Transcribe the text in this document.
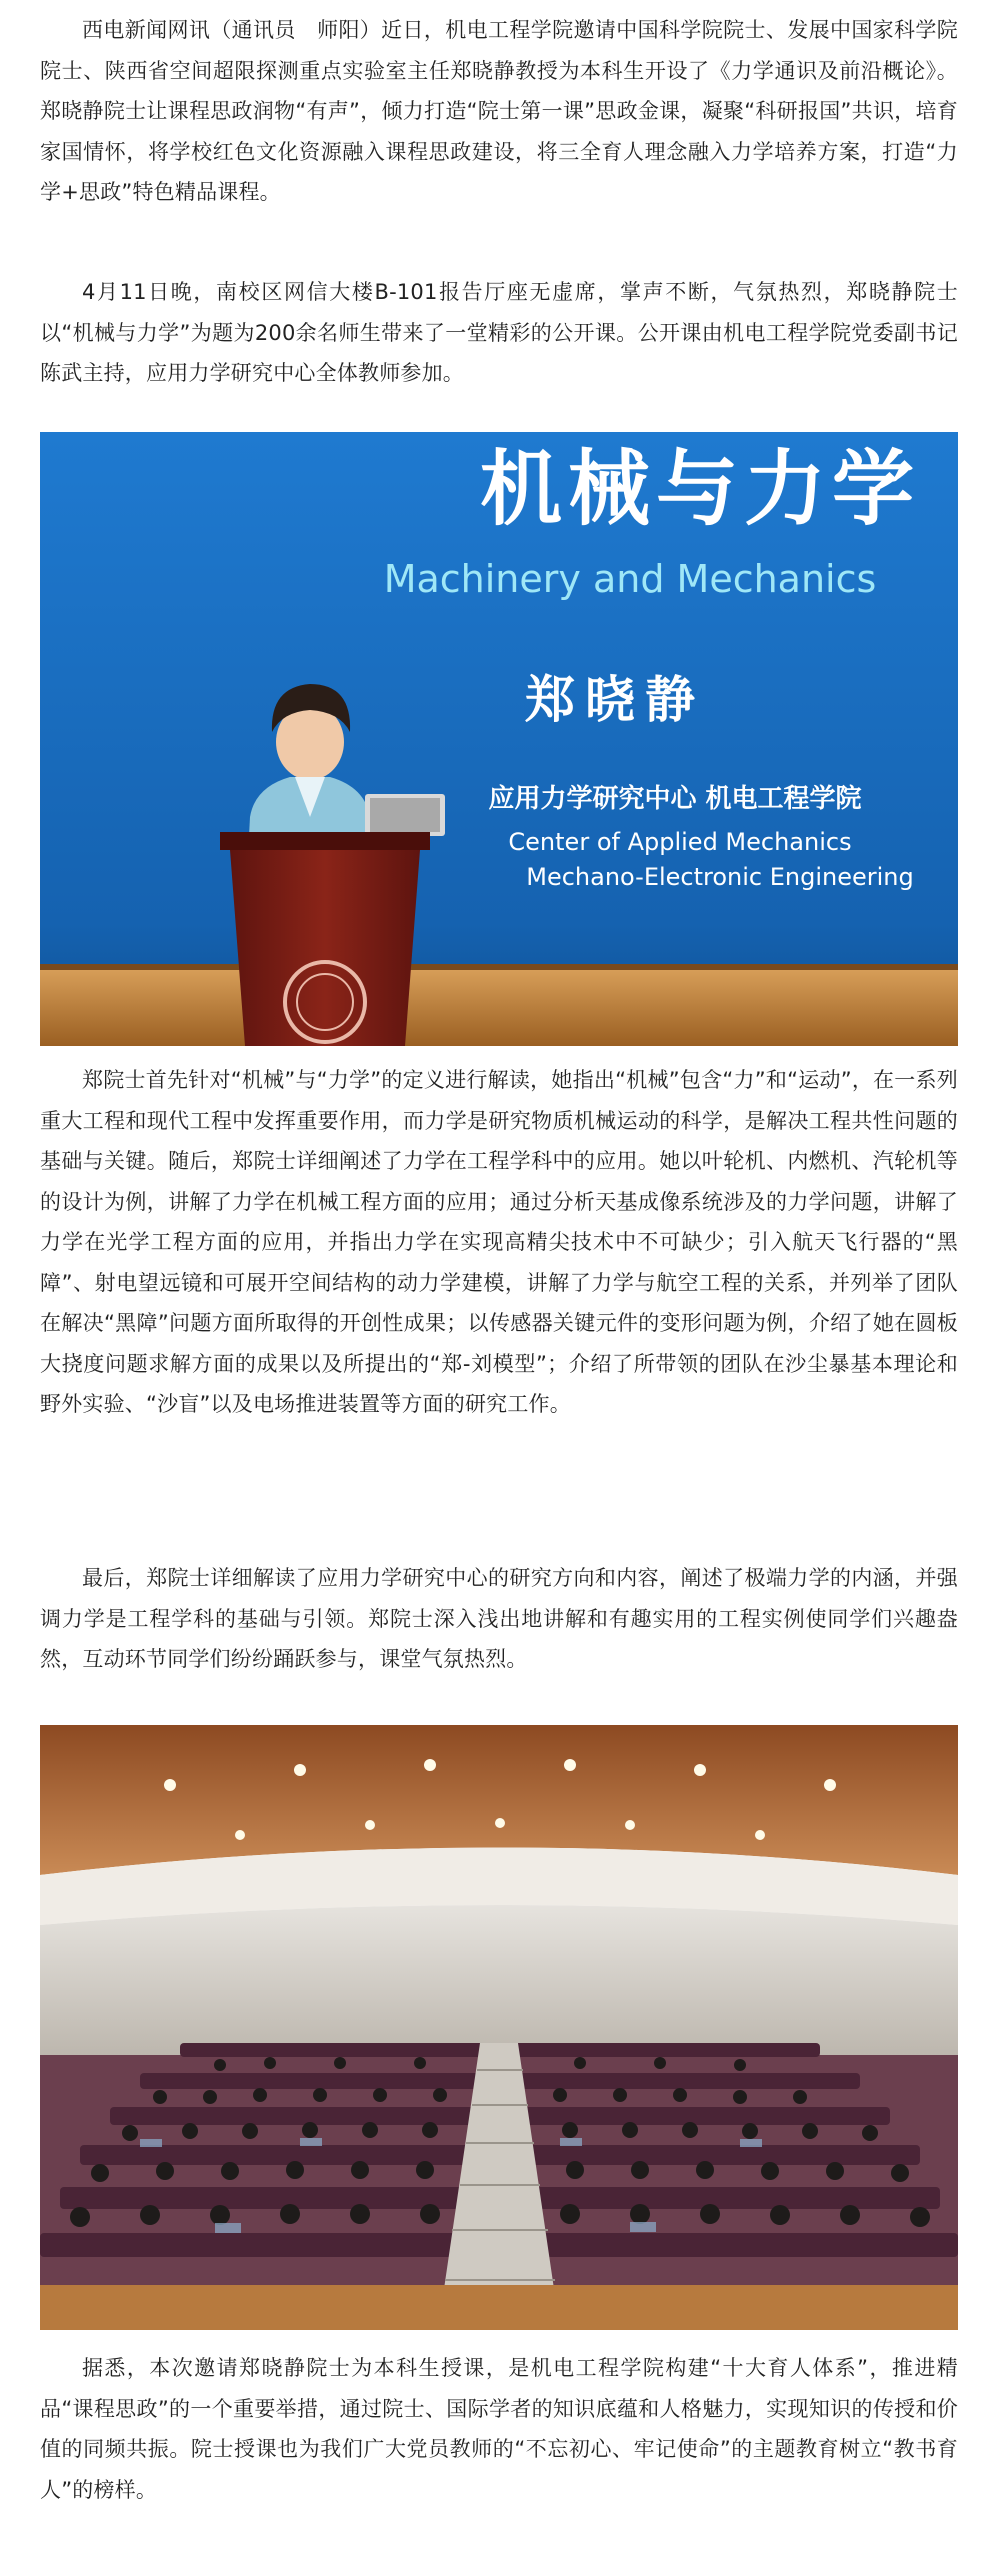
西电新闻网讯（通讯员　师阳）近日，机电工程学院邀请中国科学院院士、发展中国家科学院院士、陕西省空间超限探测重点实验室主任郑晓静教授为本科生开设了《力学通识及前沿概论》。郑晓静院士让课程思政润物“有声”，倾力打造“院士第一课”思政金课，凝聚“科研报国”共识，培育家国情怀，将学校红色文化资源融入课程思政建设，将三全育人理念融入力学培养方案，打造“力学+思政”特色精品课程。

4月11日晚，南校区网信大楼B-101报告厅座无虚席，掌声不断，气氛热烈，郑晓静院士以“机械与力学”为题为200余名师生带来了一堂精彩的公开课。公开课由机电工程学院党委副书记陈武主持，应用力学研究中心全体教师参加。

机械与力学
Machinery and Mechanics
郑晓静
应用力学研究中心 机电工程学院
Center of Applied Mechanics
Mechano-Electronic Engineering

郑院士首先针对“机械”与“力学”的定义进行解读，她指出“机械”包含“力”和“运动”，在一系列重大工程和现代工程中发挥重要作用，而力学是研究物质机械运动的科学，是解决工程共性问题的基础与关键。随后，郑院士详细阐述了力学在工程学科中的应用。她以叶轮机、内燃机、汽轮机等的设计为例，讲解了力学在机械工程方面的应用；通过分析天基成像系统涉及的力学问题，讲解了力学在光学工程方面的应用，并指出力学在实现高精尖技术中不可缺少；引入航天飞行器的“黑障”、射电望远镜和可展开空间结构的动力学建模，讲解了力学与航空工程的关系，并列举了团队在解决“黑障”问题方面所取得的开创性成果；以传感器关键元件的变形问题为例，介绍了她在圆板大挠度问题求解方面的成果以及所提出的“郑-刘模型”；介绍了所带领的团队在沙尘暴基本理论和野外实验、“沙盲”以及电场推进装置等方面的研究工作。

最后，郑院士详细解读了应用力学研究中心的研究方向和内容，阐述了极端力学的内涵，并强调力学是工程学科的基础与引领。郑院士深入浅出地讲解和有趣实用的工程实例使同学们兴趣盎然，互动环节同学们纷纷踊跃参与，课堂气氛热烈。

据悉，本次邀请郑晓静院士为本科生授课，是机电工程学院构建“十大育人体系”，推进精品“课程思政”的一个重要举措，通过院士、国际学者的知识底蕴和人格魅力，实现知识的传授和价值的同频共振。院士授课也为我们广大党员教师的“不忘初心、牢记使命”的主题教育树立“教书育人”的榜样。
